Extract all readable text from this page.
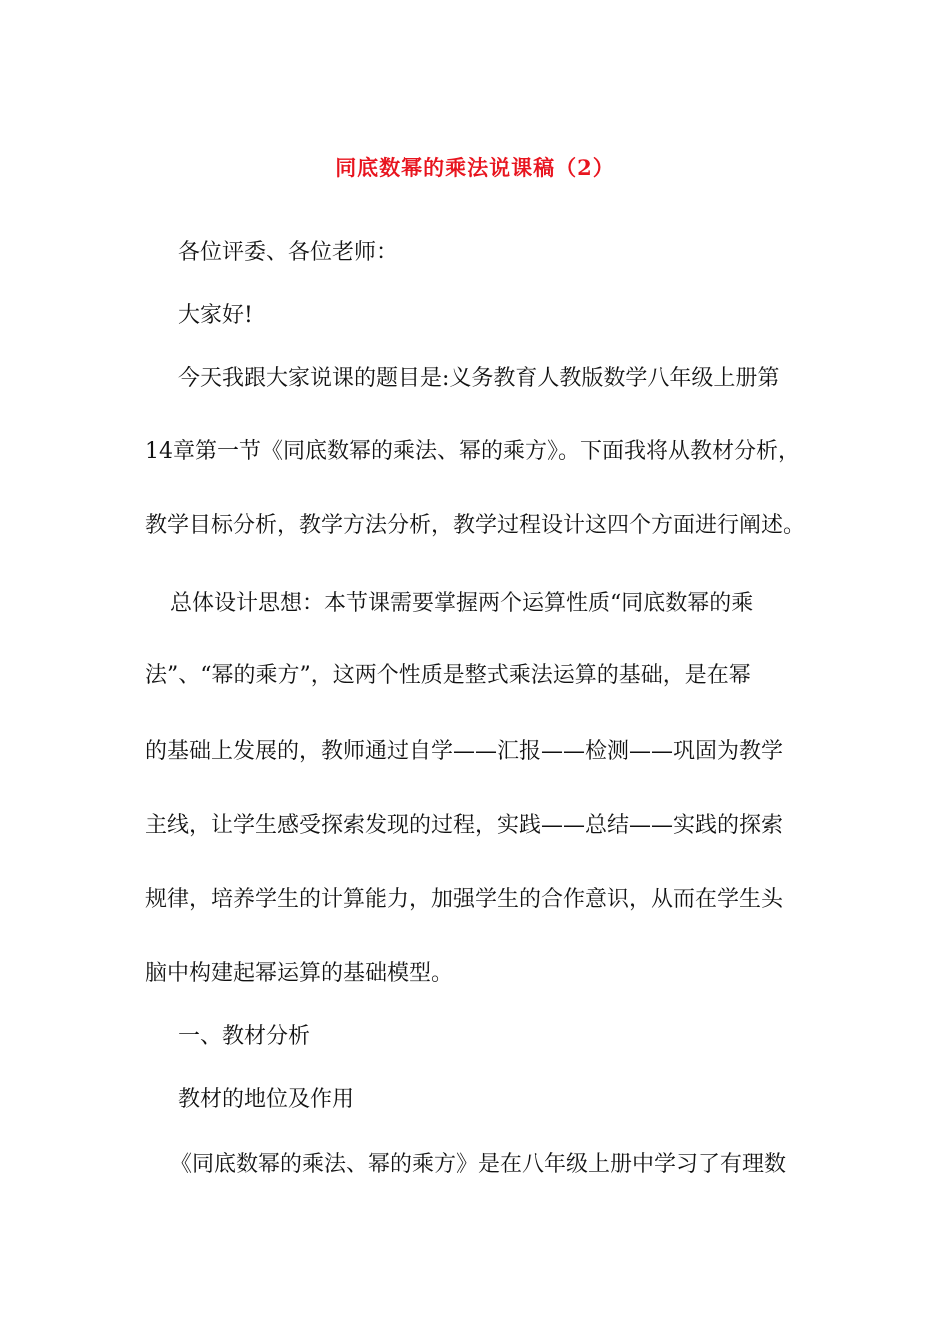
同底数幂的乘法说课稿（2）
各位评委、各位老师：
大家好!
今天我跟大家说课的题目是:义务教育人教版数学八年级上册第
14章第一节《同底数幂的乘法、幂的乘方》。下面我将从教材分析，
教学目标分析，教学方法分析，教学过程设计这四个方面进行阐述。
总体设计思想：本节课需要掌握两个运算性质“同底数幂的乘
法”、“幂的乘方”，这两个性质是整式乘法运算的基础，是在幂
的基础上发展的，教师通过自学——汇报——检测——巩固为教学
主线，让学生感受探索发现的过程，实践——总结——实践的探索
规律，培养学生的计算能力，加强学生的合作意识，从而在学生头
脑中构建起幂运算的基础模型。
一、教材分析
教材的地位及作用
《同底数幂的乘法、幂的乘方》是在八年级上册中学习了有理数
